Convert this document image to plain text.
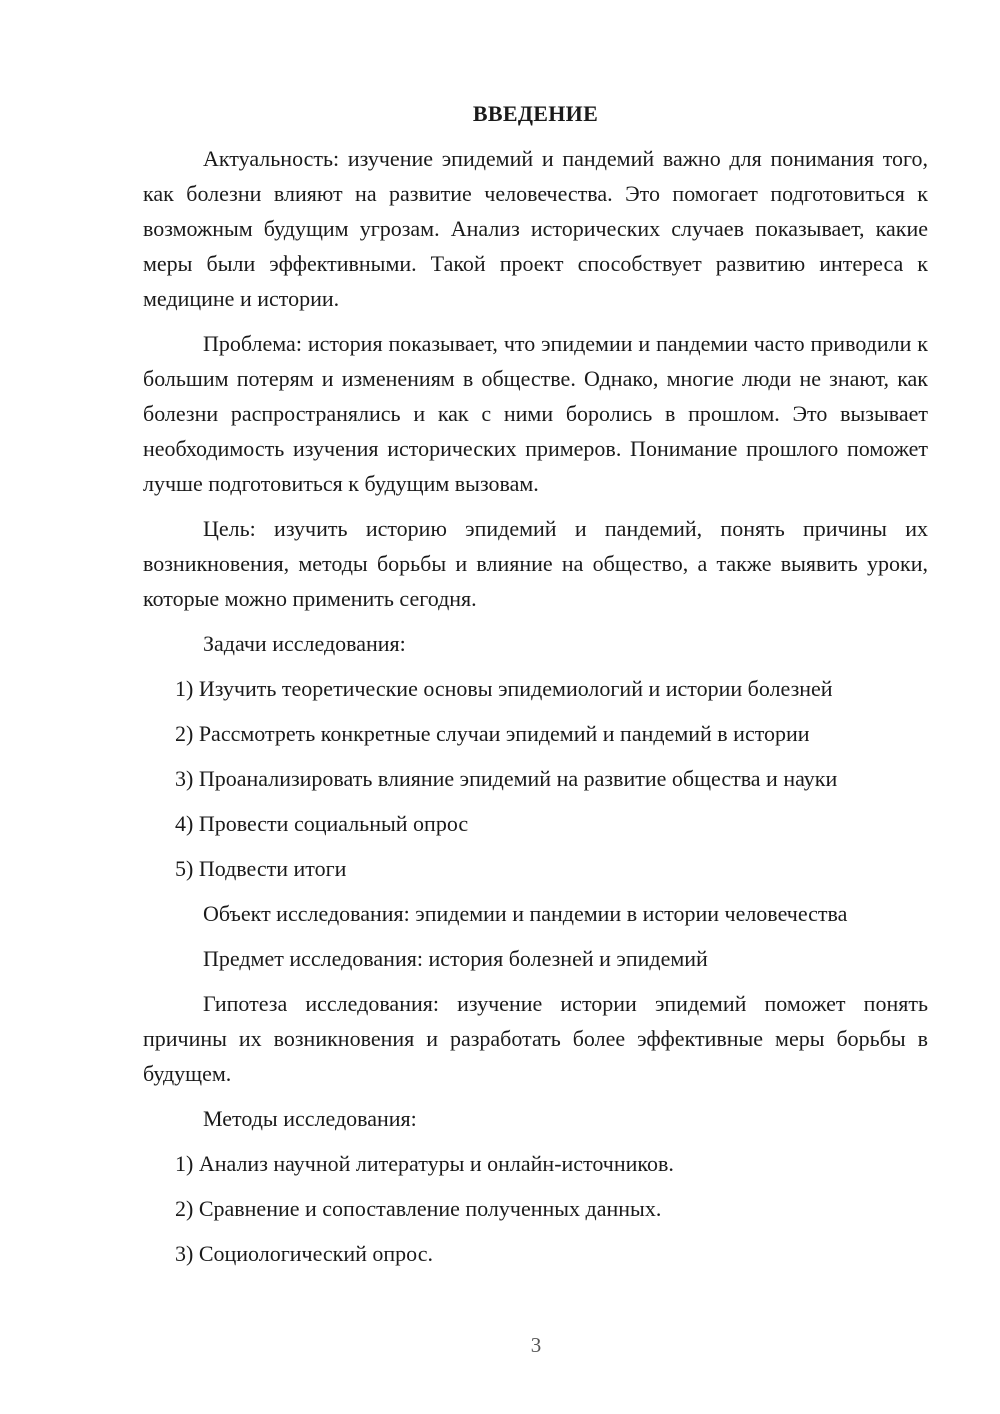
ВВЕДЕНИЕ

Актуальность: изучение эпидемий и пандемий важно для понимания того, как болезни влияют на развитие человечества. Это помогает подготовиться к возможным будущим угрозам. Анализ исторических случаев показывает, какие меры были эффективными. Такой проект способствует развитию интереса к медицине и истории.

Проблема: история показывает, что эпидемии и пандемии часто приводили к большим потерям и изменениям в обществе. Однако, многие люди не знают, как болезни распространялись и как с ними боролись в прошлом. Это вызывает необходимость изучения исторических примеров. Понимание прошлого поможет лучше подготовиться к будущим вызовам.

Цель: изучить историю эпидемий и пандемий, понять причины их возникновения, методы борьбы и влияние на общество, а также выявить уроки, которые можно применить сегодня.

Задачи исследования:
1) Изучить теоретические основы эпидемиологий и истории болезней
2) Рассмотреть конкретные случаи эпидемий и пандемий в истории
3) Проанализировать влияние эпидемий на развитие общества и науки
4) Провести социальный опрос
5) Подвести итоги
Объект исследования: эпидемии и пандемии в истории человечества
Предмет исследования: история болезней и эпидемий

Гипотеза исследования: изучение истории эпидемий поможет понять причины их возникновения и разработать более эффективные меры борьбы в будущем.

Методы исследования:
1) Анализ научной литературы и онлайн-источников.
2) Сравнение и сопоставление полученных данных.
3) Социологический опрос.
3
